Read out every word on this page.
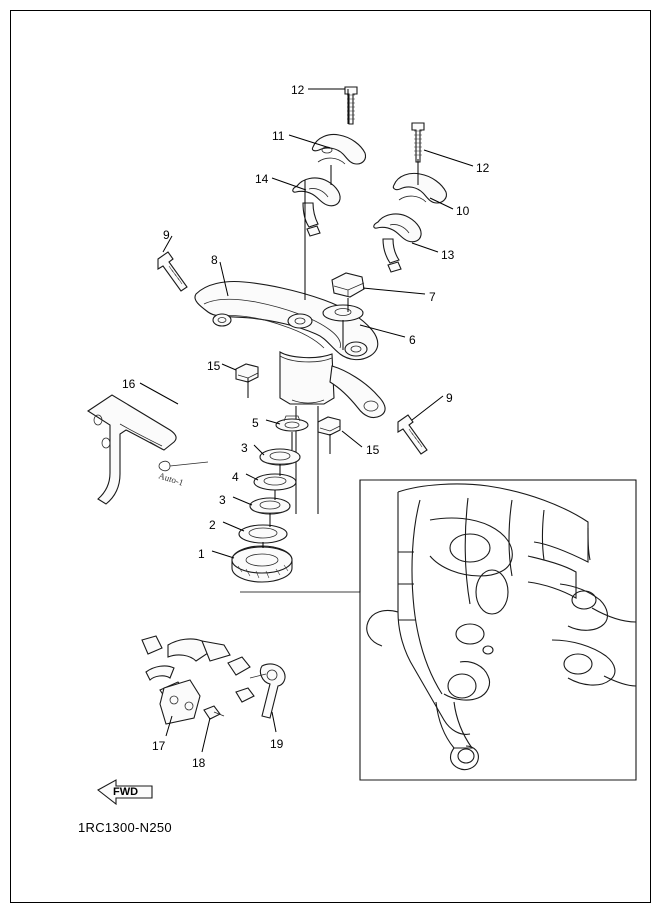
Auto-1
12
11
12
14
10
13
9
8
7
6
15
16
9
5
15
3
4
3
2
1
17
18
19
FWD
1RC1300-N250
